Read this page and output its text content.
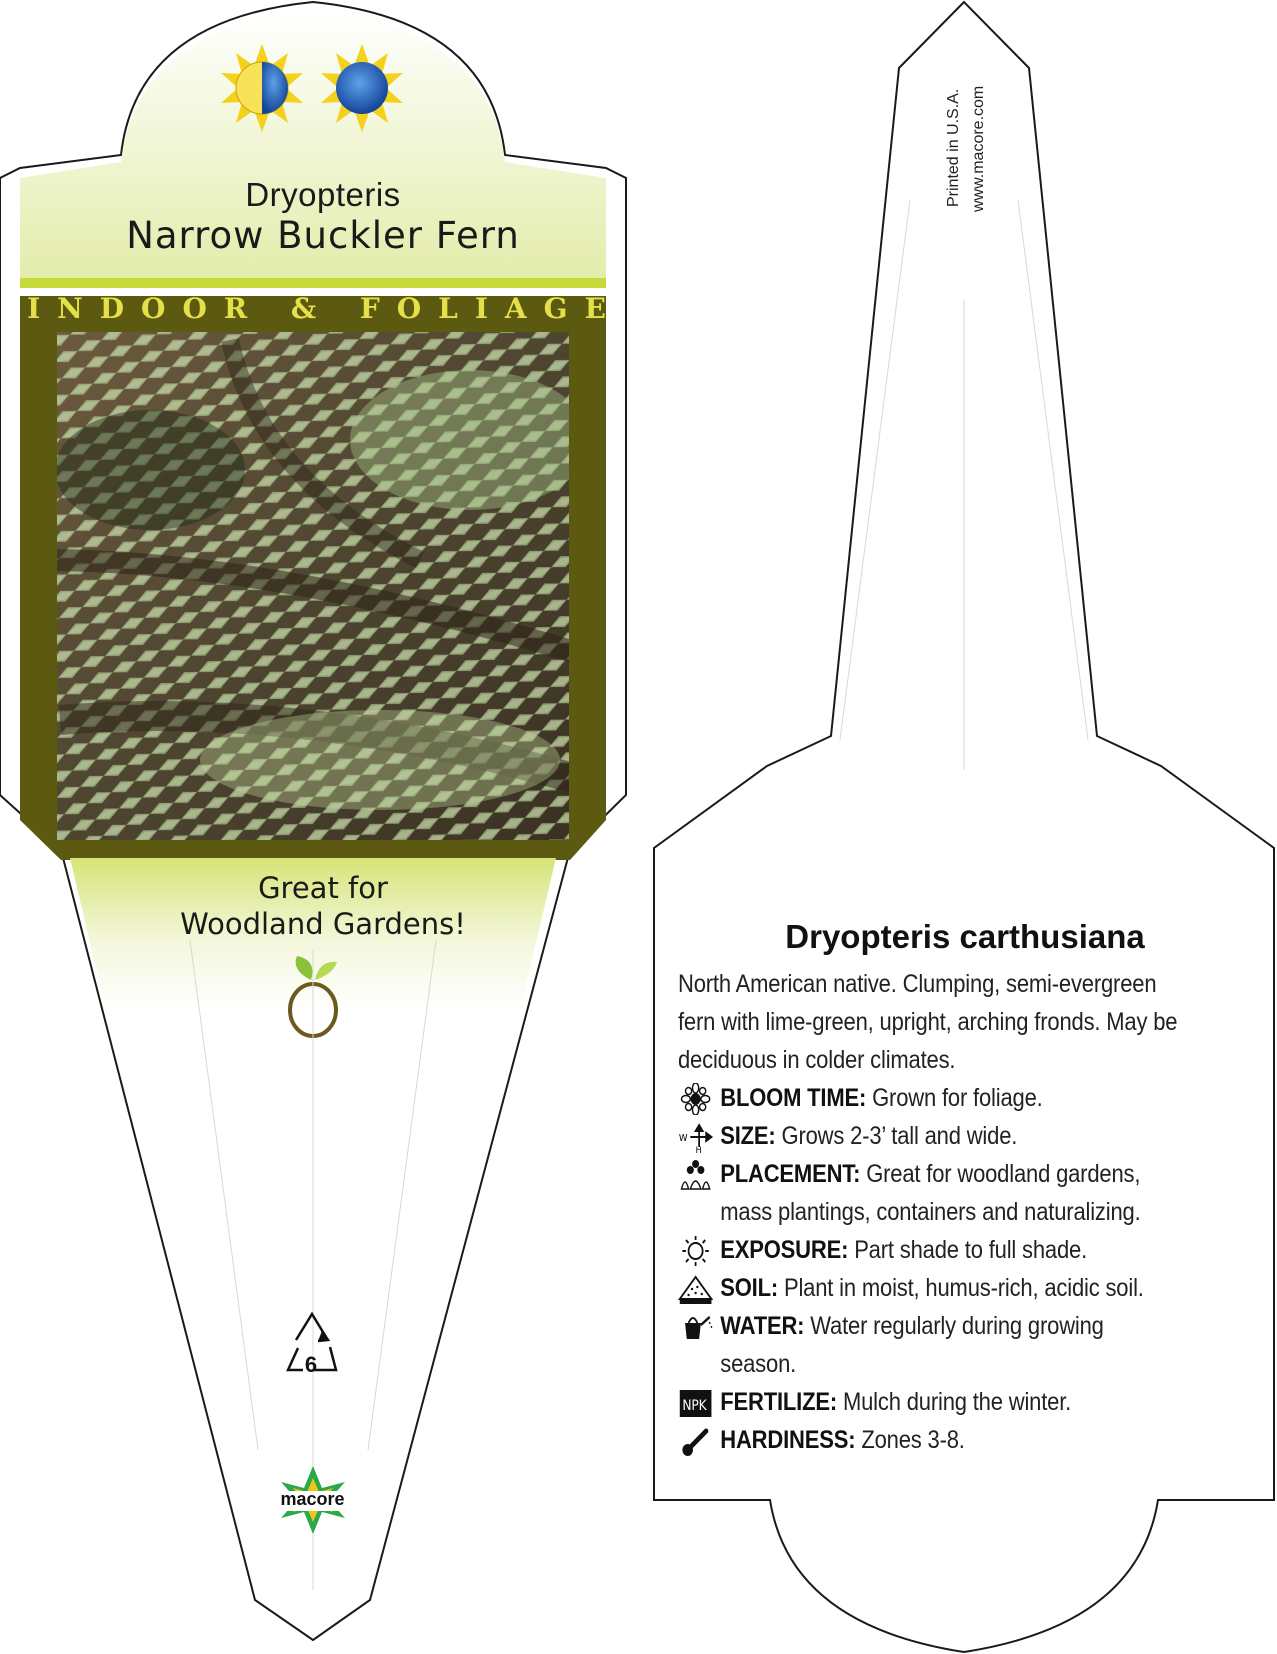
Dryopteris
Narrow Buckler Fern
INDOOR & FOLIAGE
Great for
Woodland Gardens!
6
macore
Printed in U.S.A. www.macore.com
Dryopteris carthusiana

North American native. Clumping, semi-evergreen fern with lime-green, upright, arching fronds. May be deciduous in colder climates.

BLOOM TIME: Grown for foliage.
W
H SIZE: Grows 2-3’ tall and wide.
PLACEMENT: Great for woodland gardens, mass plantings, containers and naturalizing.
EXPOSURE: Part shade to full shade.
SOIL: Plant in moist, humus-rich, acidic soil.
WATER: Water regularly during growing season.
NPK FERTILIZE: Mulch during the winter.
HARDINESS: Zones 3-8.
